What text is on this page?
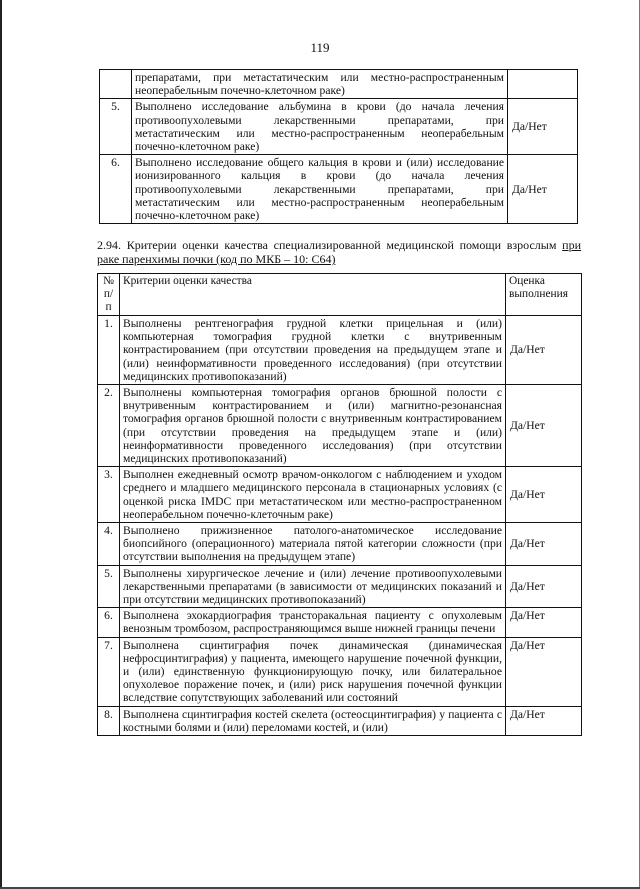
119
	препаратами, при метастатическим или местно-распространенным неоперабельным почечно-клеточном раке)	
5.	Выполнено исследование альбумина в крови (до начала лечения противоопухолевыми лекарственными препаратами, при метастатическим или местно-распространенным неоперабельным почечно-клеточном раке)	Да/Нет
6.	Выполнено исследование общего кальция в крови и (или) исследование ионизированного кальция в крови (до начала лечения противоопухолевыми лекарственными препаратами, при метастатическим или местно-распространенным неоперабельным почечно-клеточном раке)	Да/Нет
2.94. Критерии оценки качества специализированной медицинской помощи взрослым при раке паренхимы почки (код по МКБ – 10: C64)
№ п/п	Критерии оценки качества	Оценка выполнения
1.	Выполнены рентгенография грудной клетки прицельная и (или) компьютерная томография грудной клетки с внутривенным контрастированием (при отсутствии проведения на предыдущем этапе и (или) неинформативности проведенного исследования) (при отсутствии медицинских противопоказаний)	Да/Нет
2.	Выполнены компьютерная томография органов брюшной полости с внутривенным контрастированием и (или) магнитно-резонансная томография органов брюшной полости с внутривенным контрастированием (при отсутствии проведения на предыдущем этапе и (или) неинформативности проведенного исследования) (при отсутствии медицинских противопоказаний)	Да/Нет
3.	Выполнен ежедневный осмотр врачом-онкологом с наблюдением и уходом среднего и младшего медицинского персонала в стационарных условиях (с оценкой риска IMDC при метастатическом или местно-распространенном неоперабельном почечно-клеточным раке)	Да/Нет
4.	Выполнено прижизненное патолого-анатомическое исследование биопсийного (операционного) материала пятой категории сложности (при отсутствии выполнения на предыдущем этапе)	Да/Нет
5.	Выполнены хирургическое лечение и (или) лечение противоопухолевыми лекарственными препаратами (в зависимости от медицинских показаний и при отсутствии медицинских противопоказаний)	Да/Нет
6.	Выполнена эхокардиография трансторакальная пациенту с опухолевым венозным тромбозом, распространяющимся выше нижней границы печени	Да/Нет
7.	Выполнена сцинтиграфия почек динамическая (динамическая нефросцинтиграфия) у пациента, имеющего нарушение почечной функции, и (или) единственную функционирующую почку, или билатеральное опухолевое поражение почек, и (или) риск нарушения почечной функции вследствие сопутствующих заболеваний или состояний	Да/Нет
8.	Выполнена сцинтиграфия костей скелета (остеосцинтиграфия) у пациента с костными болями и (или) переломами костей, и (или)	Да/Нет
